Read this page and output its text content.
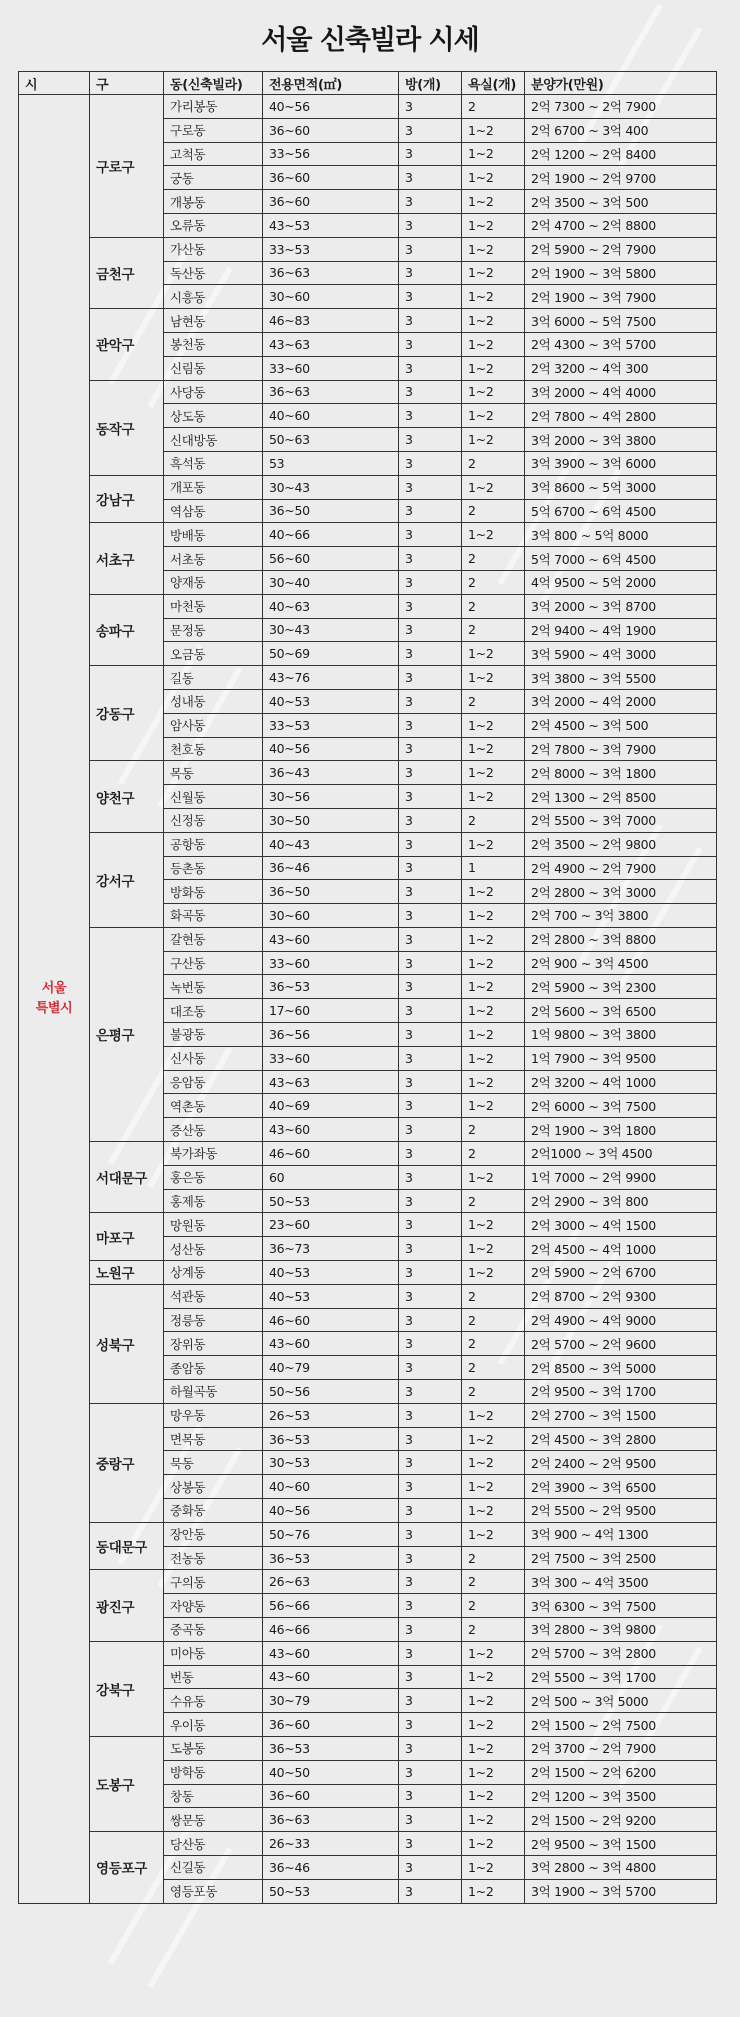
서울 신축빌라 시세
시	구	동(신축빌라)	전용면적(㎡)	방(개)	욕실(개)	분양가(만원)
서울
특별시	구로구	가리봉동	40~56	3	2	2억 7300 ~ 2억 7900
		구로동	36~60	3	1~2	2억 6700 ~ 3억 400
		고척동	33~56	3	1~2	2억 1200 ~ 2억 8400
		궁동	36~60	3	1~2	2억 1900 ~ 2억 9700
		개봉동	36~60	3	1~2	2억 3500 ~ 3억 500
		오류동	43~53	3	1~2	2억 4700 ~ 2억 8800
	금천구	가산동	33~53	3	1~2	2억 5900 ~ 2억 7900
		독산동	36~63	3	1~2	2억 1900 ~ 3억 5800
		시흥동	30~60	3	1~2	2억 1900 ~ 3억 7900
	관악구	남현동	46~83	3	1~2	3억 6000 ~ 5억 7500
		봉천동	43~63	3	1~2	2억 4300 ~ 3억 5700
		신림동	33~60	3	1~2	2억 3200 ~ 4억 300
	동작구	사당동	36~63	3	1~2	3억 2000 ~ 4억 4000
		상도동	40~60	3	1~2	2억 7800 ~ 4억 2800
		신대방동	50~63	3	1~2	3억 2000 ~ 3억 3800
		흑석동	53	3	2	3억 3900 ~ 3억 6000
	강남구	개포동	30~43	3	1~2	3억 8600 ~ 5억 3000
		역삼동	36~50	3	2	5억 6700 ~ 6억 4500
	서초구	방배동	40~66	3	1~2	3억 800 ~ 5억 8000
		서초동	56~60	3	2	5억 7000 ~ 6억 4500
		양재동	30~40	3	2	4억 9500 ~ 5억 2000
	송파구	마천동	40~63	3	2	3억 2000 ~ 3억 8700
		문정동	30~43	3	2	2억 9400 ~ 4억 1900
		오금동	50~69	3	1~2	3억 5900 ~ 4억 3000
	강동구	길동	43~76	3	1~2	3억 3800 ~ 3억 5500
		성내동	40~53	3	2	3억 2000 ~ 4억 2000
		암사동	33~53	3	1~2	2억 4500 ~ 3억 500
		천호동	40~56	3	1~2	2억 7800 ~ 3억 7900
	양천구	목동	36~43	3	1~2	2억 8000 ~ 3억 1800
		신월동	30~56	3	1~2	2억 1300 ~ 2억 8500
		신정동	30~50	3	2	2억 5500 ~ 3억 7000
	강서구	공항동	40~43	3	1~2	2억 3500 ~ 2억 9800
		등촌동	36~46	3	1	2억 4900 ~ 2억 7900
		방화동	36~50	3	1~2	2억 2800 ~ 3억 3000
		화곡동	30~60	3	1~2	2억 700 ~ 3억 3800
	은평구	갈현동	43~60	3	1~2	2억 2800 ~ 3억 8800
		구산동	33~60	3	1~2	2억 900 ~ 3억 4500
		녹번동	36~53	3	1~2	2억 5900 ~ 3억 2300
		대조동	17~60	3	1~2	2억 5600 ~ 3억 6500
		불광동	36~56	3	1~2	1억 9800 ~ 3억 3800
		신사동	33~60	3	1~2	1억 7900 ~ 3억 9500
		응암동	43~63	3	1~2	2억 3200 ~ 4억 1000
		역촌동	40~69	3	1~2	2억 6000 ~ 3억 7500
		증산동	43~60	3	2	2억 1900 ~ 3억 1800
	서대문구	북가좌동	46~60	3	2	2억1000 ~ 3억 4500
		홍은동	60	3	1~2	1억 7000 ~ 2억 9900
		홍제동	50~53	3	2	2억 2900 ~ 3억 800
	마포구	망원동	23~60	3	1~2	2억 3000 ~ 4억 1500
		성산동	36~73	3	1~2	2억 4500 ~ 4억 1000
	노원구	상계동	40~53	3	1~2	2억 5900 ~ 2억 6700
	성북구	석관동	40~53	3	2	2억 8700 ~ 2억 9300
		정릉동	46~60	3	2	2억 4900 ~ 4억 9000
		장위동	43~60	3	2	2억 5700 ~ 2억 9600
		종암동	40~79	3	2	2억 8500 ~ 3억 5000
		하월곡동	50~56	3	2	2억 9500 ~ 3억 1700
	중랑구	망우동	26~53	3	1~2	2억 2700 ~ 3억 1500
		면목동	36~53	3	1~2	2억 4500 ~ 3억 2800
		묵동	30~53	3	1~2	2억 2400 ~ 2억 9500
		상봉동	40~60	3	1~2	2억 3900 ~ 3억 6500
		중화동	40~56	3	1~2	2억 5500 ~ 2억 9500
	동대문구	장안동	50~76	3	1~2	3억 900 ~ 4억 1300
		전농동	36~53	3	2	2억 7500 ~ 3억 2500
	광진구	구의동	26~63	3	2	3억 300 ~ 4억 3500
		자양동	56~66	3	2	3억 6300 ~ 3억 7500
		중곡동	46~66	3	2	3억 2800 ~ 3억 9800
	강북구	미아동	43~60	3	1~2	2억 5700 ~ 3억 2800
		번동	43~60	3	1~2	2억 5500 ~ 3억 1700
		수유동	30~79	3	1~2	2억 500 ~ 3억 5000
		우이동	36~60	3	1~2	2억 1500 ~ 2억 7500
	도봉구	도봉동	36~53	3	1~2	2억 3700 ~ 2억 7900
		방학동	40~50	3	1~2	2억 1500 ~ 2억 6200
		창동	36~60	3	1~2	2억 1200 ~ 3억 3500
		쌍문동	36~63	3	1~2	2억 1500 ~ 2억 9200
	영등포구	당산동	26~33	3	1~2	2억 9500 ~ 3억 1500
		신길동	36~46	3	1~2	3억 2800 ~ 3억 4800
		영등포동	50~53	3	1~2	3억 1900 ~ 3억 5700
